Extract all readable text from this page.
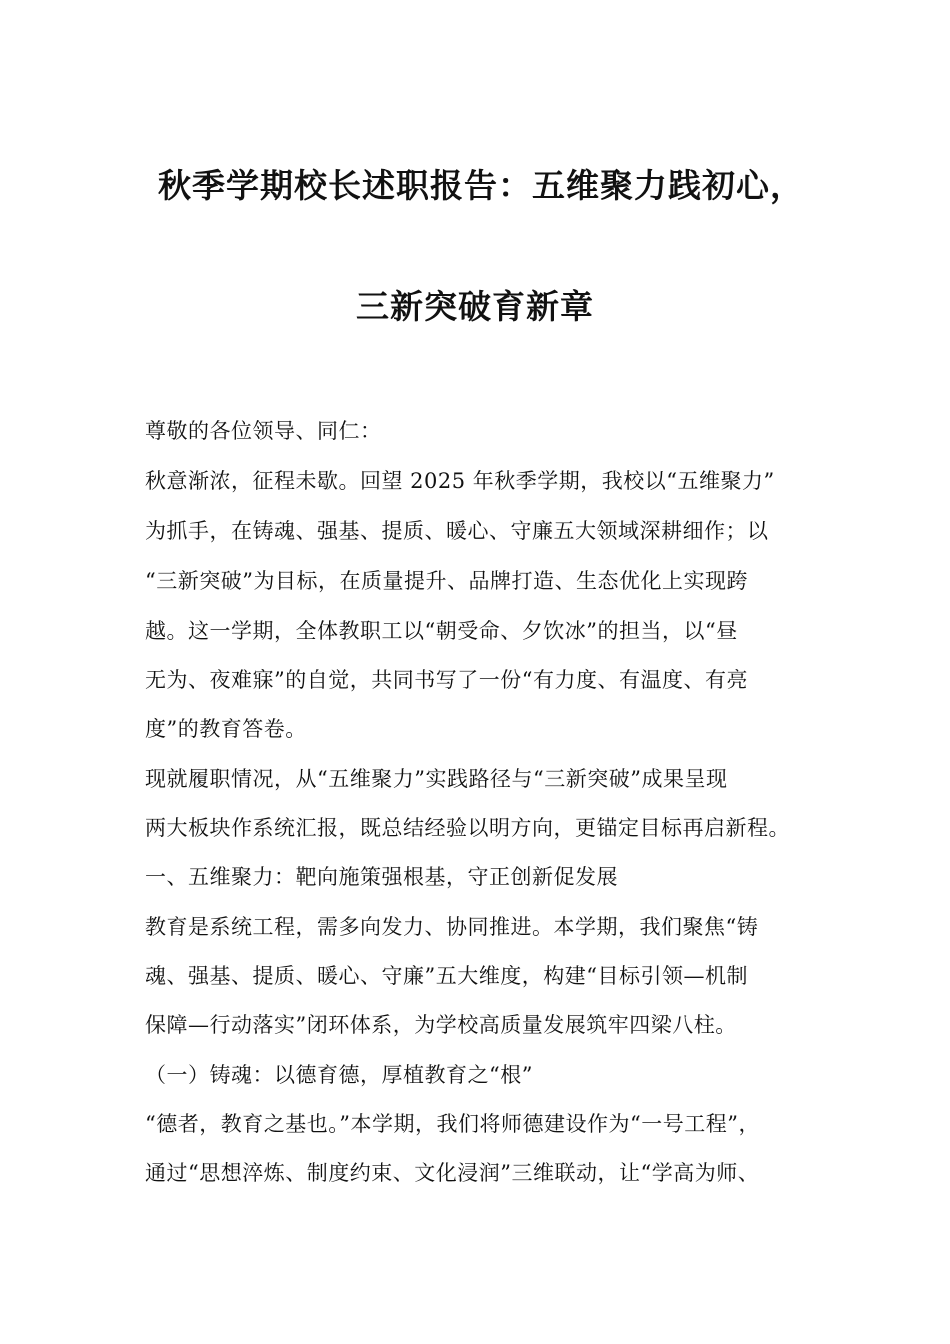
秋季学期校长述职报告：五维聚力践初心，
三新突破育新章
尊敬的各位领导、同仁：
秋意渐浓，征程未歇。回望 2025 年秋季学期，我校以“五维聚力”
为抓手，在铸魂、强基、提质、暖心、守廉五大领域深耕细作；以
“三新突破”为目标，在质量提升、品牌打造、生态优化上实现跨
越。这一学期，全体教职工以“朝受命、夕饮冰”的担当，以“昼
无为、夜难寐”的自觉，共同书写了一份“有力度、有温度、有亮
度”的教育答卷。
现就履职情况，从“五维聚力”实践路径与“三新突破”成果呈现
两大板块作系统汇报，既总结经验以明方向，更锚定目标再启新程。
一、五维聚力：靶向施策强根基，守正创新促发展
教育是系统工程，需多向发力、协同推进。本学期，我们聚焦“铸
魂、强基、提质、暖心、守廉”五大维度，构建“目标引领—机制
保障—行动落实”闭环体系，为学校高质量发展筑牢四梁八柱。
（一）铸魂：以德育德，厚植教育之“根”
“德者，教育之基也。”本学期，我们将师德建设作为“一号工程”，
通过“思想淬炼、制度约束、文化浸润”三维联动，让“学高为师、
